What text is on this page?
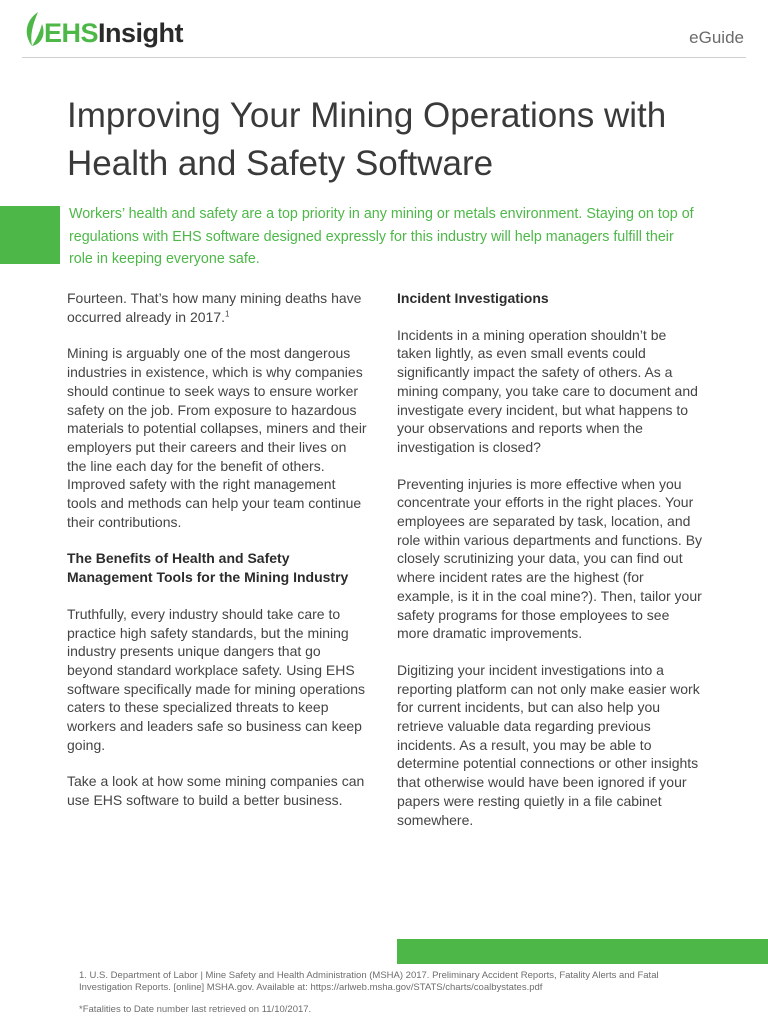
EHSInsight	eGuide
Improving Your Mining Operations with Health and Safety Software

Workers’ health and safety are a top priority in any mining or metals environment. Staying on top of regulations with EHS software designed expressly for this industry will help managers fulfill their role in keeping everyone safe.

Fourteen. That’s how many mining deaths have occurred already in 2017.$^1$

Mining is arguably one of the most dangerous industries in existence, which is why companies should continue to seek ways to ensure worker safety on the job. From exposure to hazardous materials to potential collapses, miners and their employers put their careers and their lives on the line each day for the benefit of others. Improved safety with the right management tools and methods can help your team continue their contributions.

The Benefits of Health and Safety Management Tools for the Mining Industry

Truthfully, every industry should take care to practice high safety standards, but the mining industry presents unique dangers that go beyond standard workplace safety. Using EHS software specifically made for mining operations caters to these specialized threats to keep workers and leaders safe so business can keep going.

Take a look at how some mining companies can use EHS software to build a better business.

Incident Investigations

Incidents in a mining operation shouldn’t be taken lightly, as even small events could significantly impact the safety of others. As a mining company, you take care to document and investigate every incident, but what happens to your observations and reports when the investigation is closed?

Preventing injuries is more effective when you concentrate your efforts in the right places. Your employees are separated by task, location, and role within various departments and functions. By closely scrutinizing your data, you can find out where incident rates are the highest (for example, is it in the coal mine?). Then, tailor your safety programs for those employees to see more dramatic improvements.

Digitizing your incident investigations into a reporting platform can not only make easier work for current incidents, but can also help you retrieve valuable data regarding previous incidents. As a result, you may be able to determine potential connections or other insights that otherwise would have been ignored if your papers were resting quietly in a file cabinet somewhere.

1. U.S. Department of Labor | Mine Safety and Health Administration (MSHA) 2017. Preliminary Accident Reports, Fatality Alerts and Fatal Investigation Reports. [online] MSHA.gov. Available at: https://arlweb.msha.gov/STATS/charts/coalbystates.pdf

*Fatalities to Date number last retrieved on 11/10/2017.
